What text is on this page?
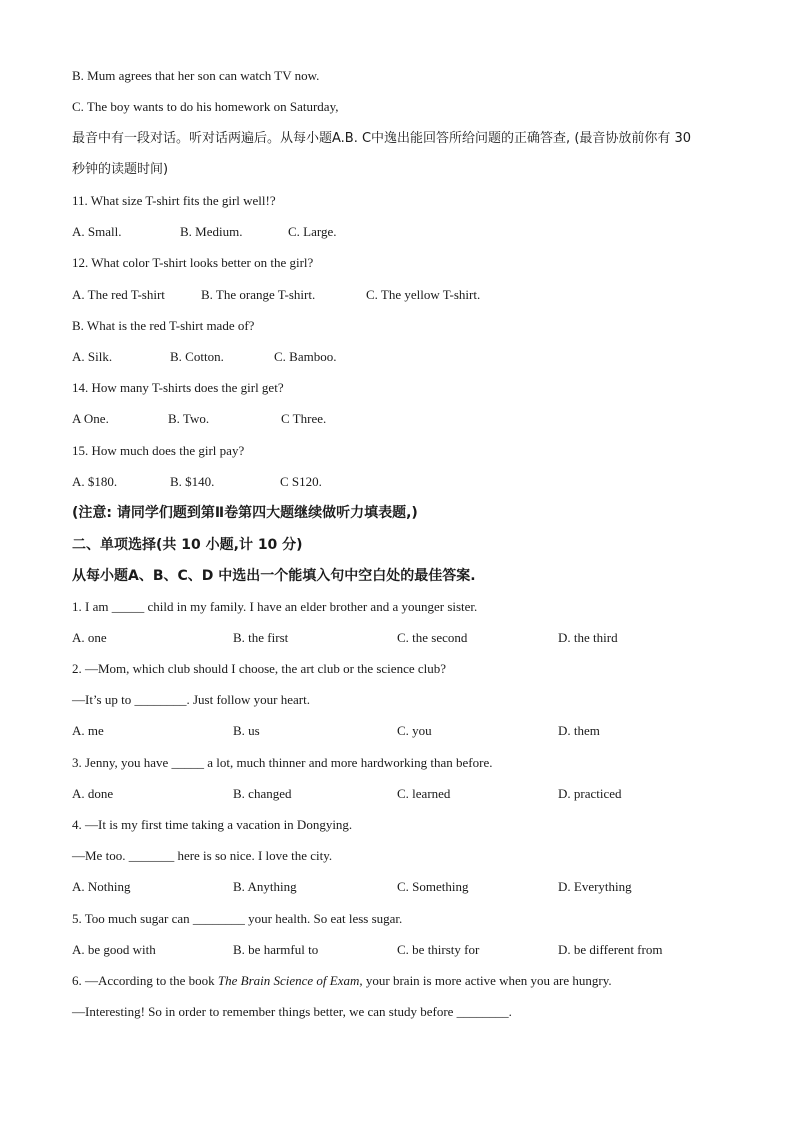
B. Mum agrees that her son can watch TV now.
C. The boy wants to do his homework on Saturday,
最音中有一段对话。听对话两遍后。从每小题A.B. C中逸出能回答所给问题的正确答查, (最音协放前你有 30
秒钟的读题时间)
11. What size T-shirt fits the girl well!?
A. Small.	B. Medium.	C. Large.
12. What color T-shirt looks better on the girl?
A. The red T-shirt	B. The orange T-shirt.	C. The yellow T-shirt.
B. What is the red T-shirt made of?
A. Silk.	B. Cotton.	C. Bamboo.
14. How many T-shirts does the girl get?
A One.	B. Two.	C Three.
15. How much does the girl pay?
A. $180.	B. $140.	C S120.
(注意: 请同学们题到第Ⅱ卷第四大题继续做听力填表题,)
二、单项选择(共 10 小题,计 10 分)
从每小题A、B、C、D 中选出一个能填入句中空白处的最佳答案.
1. I am _____ child in my family. I have an elder brother and a younger sister.
A. one	B. the first	C. the second	D. the third
2. —Mom, which club should I choose, the art club or the science club?
—It’s up to ________. Just follow your heart.
A. me	B. us	C. you	D. them
3. Jenny, you have _____ a lot, much thinner and more hardworking than before.
A. done	B. changed	C. learned	D. practiced
4. —It is my first time taking a vacation in Dongying.
—Me too. _______ here is so nice. I love the city.
A. Nothing	B. Anything	C. Something	D. Everything
5. Too much sugar can ________ your health. So eat less sugar.
A. be good with	B. be harmful to	C. be thirsty for	D. be different from
6. —According to the book The Brain Science of Exam, your brain is more active when you are hungry.
—Interesting! So in order to remember things better, we can study before ________.
